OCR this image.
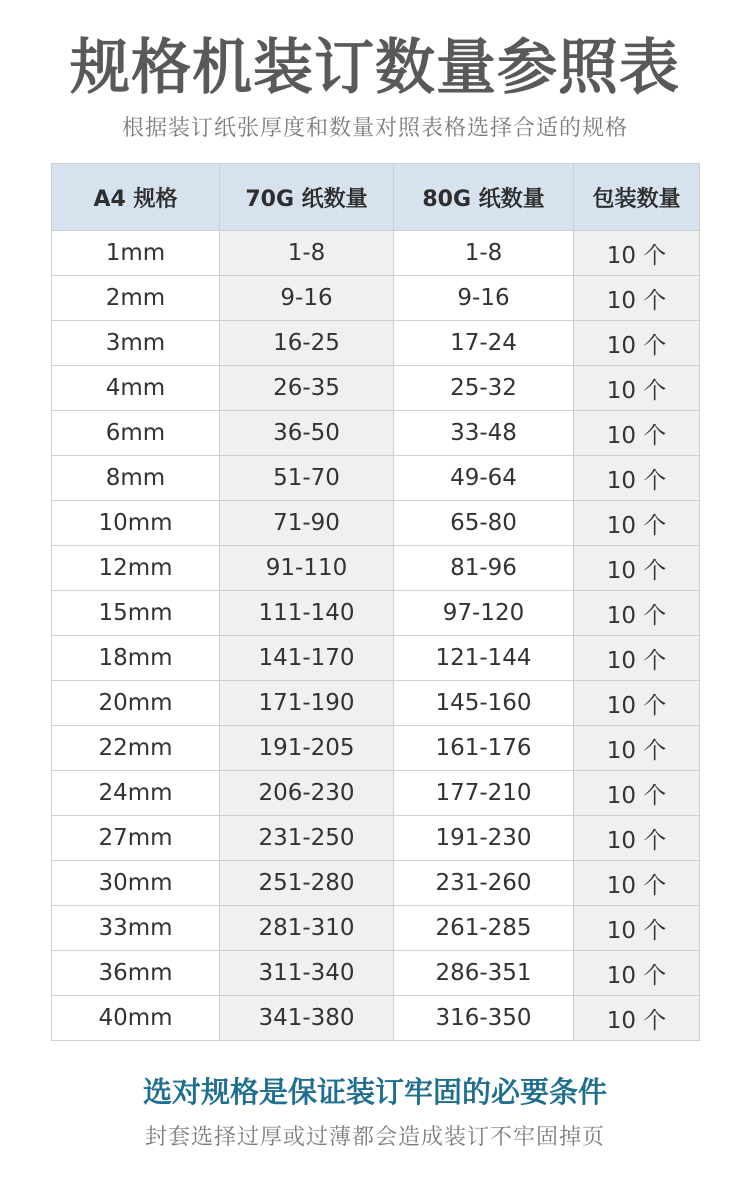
规格机装订数量参照表
根据装订纸张厚度和数量对照表格选择合适的规格
A4 规格	70G 纸数量	80G 纸数量	包装数量
1mm	1-8	1-8	10 个
2mm	9-16	9-16	10 个
3mm	16-25	17-24	10 个
4mm	26-35	25-32	10 个
6mm	36-50	33-48	10 个
8mm	51-70	49-64	10 个
10mm	71-90	65-80	10 个
12mm	91-110	81-96	10 个
15mm	111-140	97-120	10 个
18mm	141-170	121-144	10 个
20mm	171-190	145-160	10 个
22mm	191-205	161-176	10 个
24mm	206-230	177-210	10 个
27mm	231-250	191-230	10 个
30mm	251-280	231-260	10 个
33mm	281-310	261-285	10 个
36mm	311-340	286-351	10 个
40mm	341-380	316-350	10 个
选对规格是保证装订牢固的必要条件
封套选择过厚或过薄都会造成装订不牢固掉页
